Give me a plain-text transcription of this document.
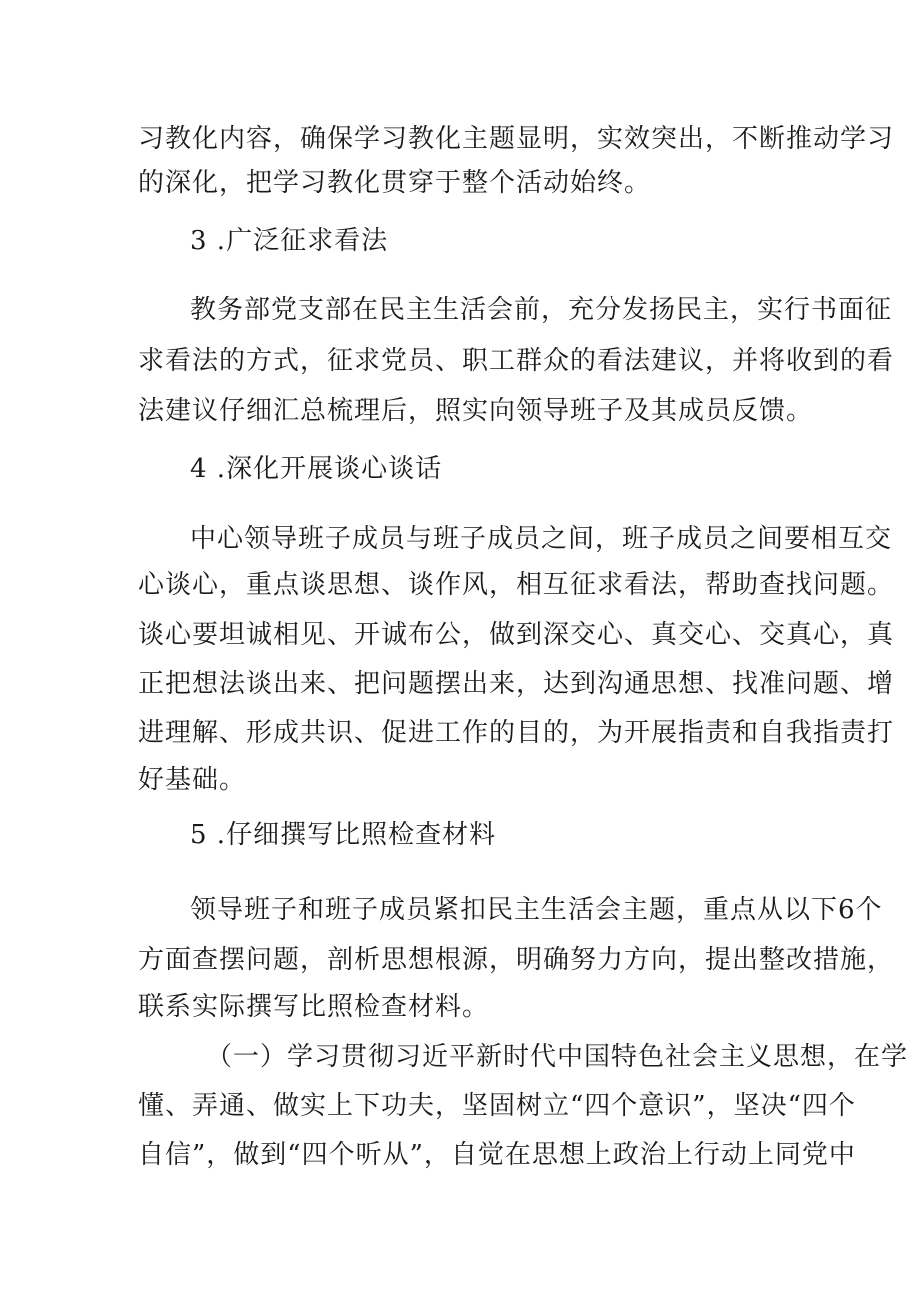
习教化内容，确保学习教化主题显明，实效突出，不断推动学习
的深化，把学习教化贯穿于整个活动始终。
3 .广泛征求看法
教务部党支部在民主生活会前，充分发扬民主，实行书面征
求看法的方式，征求党员、职工群众的看法建议，并将收到的看
法建议仔细汇总梳理后，照实向领导班子及其成员反馈。
4 .深化开展谈心谈话
中心领导班子成员与班子成员之间，班子成员之间要相互交
心谈心，重点谈思想、谈作风，相互征求看法，帮助查找问题。
谈心要坦诚相见、开诚布公，做到深交心、真交心、交真心，真
正把想法谈出来、把问题摆出来，达到沟通思想、找准问题、增
进理解、形成共识、促进工作的目的，为开展指责和自我指责打
好基础。
5 .仔细撰写比照检查材料
领导班子和班子成员紧扣民主生活会主题，重点从以下6个
方面查摆问题，剖析思想根源，明确努力方向，提出整改措施，
联系实际撰写比照检查材料。
（一）学习贯彻习近平新时代中国特色社会主义思想，在学
懂、弄通、做实上下功夫，坚固树立“四个意识”，坚决“四个
自信”，做到“四个听从”，自觉在思想上政治上行动上同党中
